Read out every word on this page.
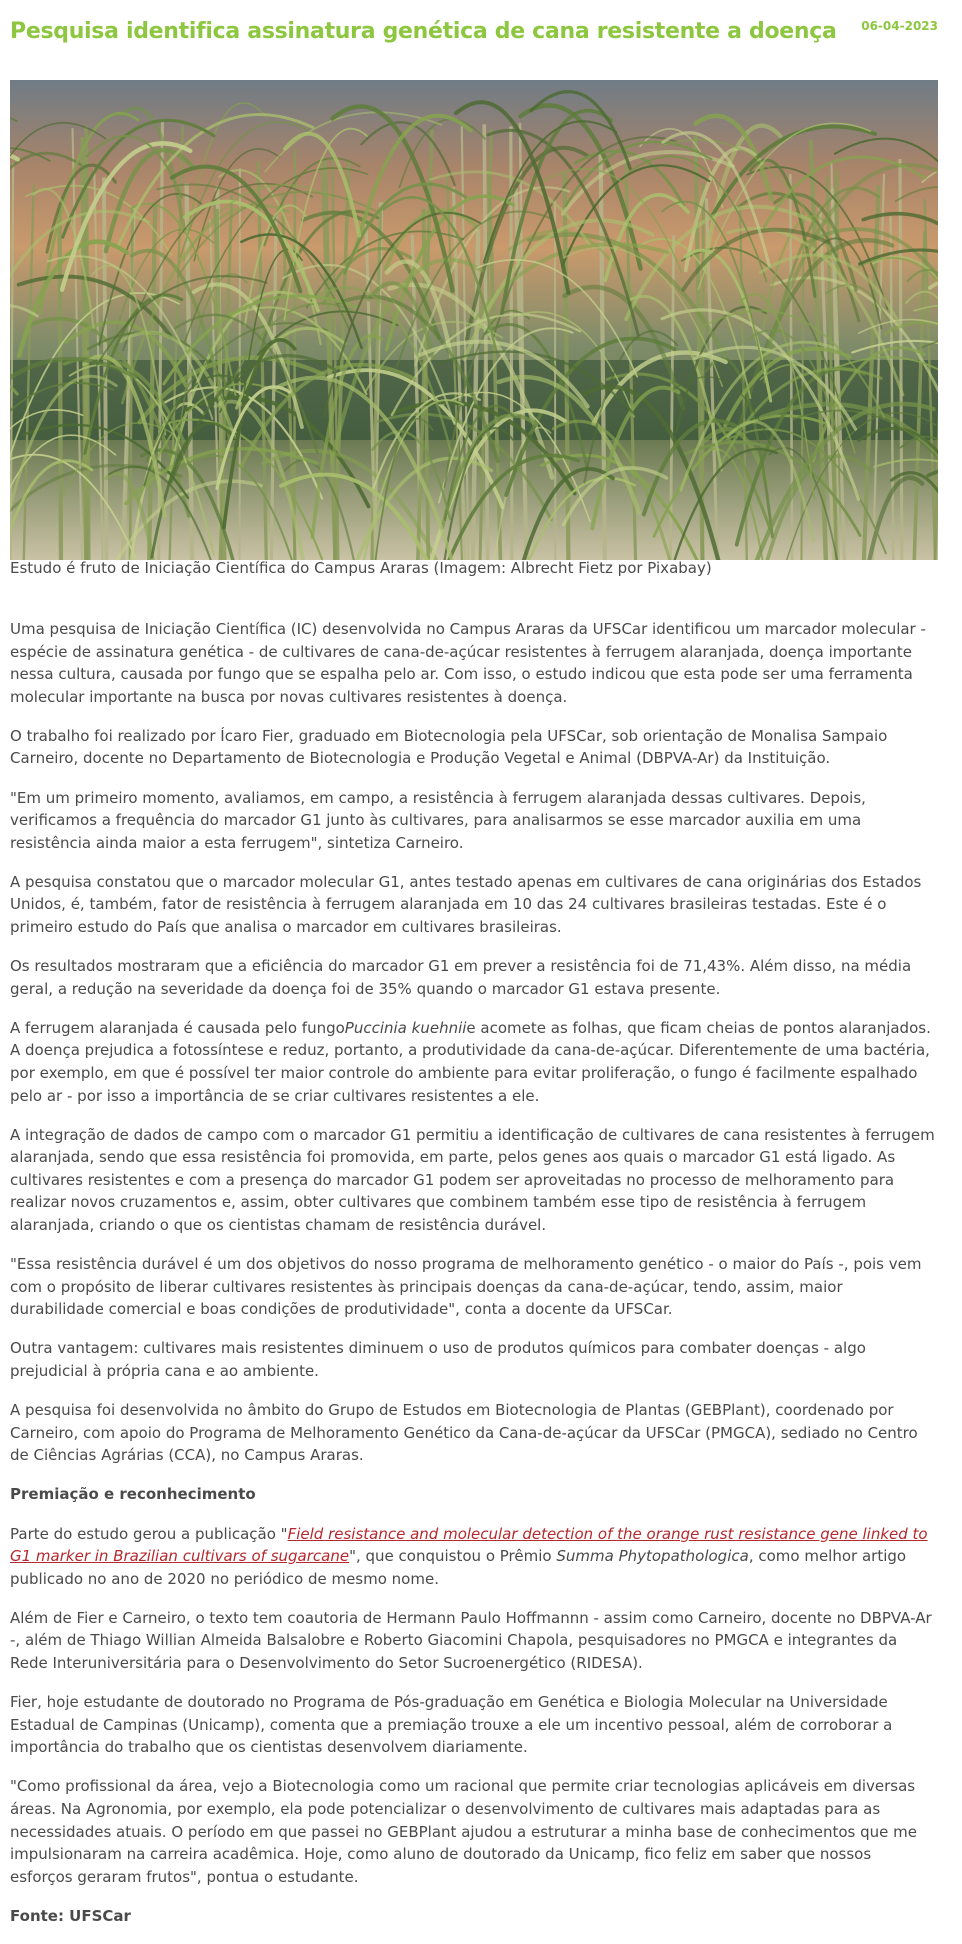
Pesquisa identifica assinatura genética de cana resistente a doença 06-04-2023
Estudo é fruto de Iniciação Científica do Campus Araras (Imagem: Albrecht Fietz por Pixabay)

Uma pesquisa de Iniciação Científica (IC) desenvolvida no Campus Araras da UFSCar identificou um marcador molecular - espécie de assinatura genética - de cultivares de cana-de-açúcar resistentes à ferrugem alaranjada, doença importante nessa cultura, causada por fungo que se espalha pelo ar. Com isso, o estudo indicou que esta pode ser uma ferramenta molecular importante na busca por novas cultivares resistentes à doença.

O trabalho foi realizado por Ícaro Fier, graduado em Biotecnologia pela UFSCar, sob orientação de Monalisa Sampaio Carneiro, docente no Departamento de Biotecnologia e Produção Vegetal e Animal (DBPVA-Ar) da Instituição.

"Em um primeiro momento, avaliamos, em campo, a resistência à ferrugem alaranjada dessas cultivares. Depois, verificamos a frequência do marcador G1 junto às cultivares, para analisarmos se esse marcador auxilia em uma resistência ainda maior a esta ferrugem", sintetiza Carneiro.

A pesquisa constatou que o marcador molecular G1, antes testado apenas em cultivares de cana originárias dos Estados Unidos, é, também, fator de resistência à ferrugem alaranjada em 10 das 24 cultivares brasileiras testadas. Este é o primeiro estudo do País que analisa o marcador em cultivares brasileiras.

Os resultados mostraram que a eficiência do marcador G1 em prever a resistência foi de 71,43%. Além disso, na média geral, a redução na severidade da doença foi de 35% quando o marcador G1 estava presente.

A ferrugem alaranjada é causada pelo fungoPuccinia kuehniie acomete as folhas, que ficam cheias de pontos alaranjados. A doença prejudica a fotossíntese e reduz, portanto, a produtividade da cana-de-açúcar. Diferentemente de uma bactéria, por exemplo, em que é possível ter maior controle do ambiente para evitar proliferação, o fungo é facilmente espalhado pelo ar - por isso a importância de se criar cultivares resistentes a ele.

A integração de dados de campo com o marcador G1 permitiu a identificação de cultivares de cana resistentes à ferrugem alaranjada, sendo que essa resistência foi promovida, em parte, pelos genes aos quais o marcador G1 está ligado. As cultivares resistentes e com a presença do marcador G1 podem ser aproveitadas no processo de melhoramento para realizar novos cruzamentos e, assim, obter cultivares que combinem também esse tipo de resistência à ferrugem alaranjada, criando o que os cientistas chamam de resistência durável.

"Essa resistência durável é um dos objetivos do nosso programa de melhoramento genético - o maior do País -, pois vem com o propósito de liberar cultivares resistentes às principais doenças da cana-de-açúcar, tendo, assim, maior durabilidade comercial e boas condições de produtividade", conta a docente da UFSCar.

Outra vantagem: cultivares mais resistentes diminuem o uso de produtos químicos para combater doenças - algo prejudicial à própria cana e ao ambiente.

A pesquisa foi desenvolvida no âmbito do Grupo de Estudos em Biotecnologia de Plantas (GEBPlant), coordenado por Carneiro, com apoio do Programa de Melhoramento Genético da Cana-de-açúcar da UFSCar (PMGCA), sediado no Centro de Ciências Agrárias (CCA), no Campus Araras.

Premiação e reconhecimento

Parte do estudo gerou a publicação "Field resistance and molecular detection of the orange rust resistance gene linked to G1 marker in Brazilian cultivars of sugarcane", que conquistou o Prêmio Summa Phytopathologica, como melhor artigo publicado no ano de 2020 no periódico de mesmo nome.

Além de Fier e Carneiro, o texto tem coautoria de Hermann Paulo Hoffmannn - assim como Carneiro, docente no DBPVA-Ar -, além de Thiago Willian Almeida Balsalobre e Roberto Giacomini Chapola, pesquisadores no PMGCA e integrantes da Rede Interuniversitária para o Desenvolvimento do Setor Sucroenergético (RIDESA).

Fier, hoje estudante de doutorado no Programa de Pós-graduação em Genética e Biologia Molecular na Universidade Estadual de Campinas (Unicamp), comenta que a premiação trouxe a ele um incentivo pessoal, além de corroborar a importância do trabalho que os cientistas desenvolvem diariamente.

"Como profissional da área, vejo a Biotecnologia como um racional que permite criar tecnologias aplicáveis em diversas áreas. Na Agronomia, por exemplo, ela pode potencializar o desenvolvimento de cultivares mais adaptadas para as necessidades atuais. O período em que passei no GEBPlant ajudou a estruturar a minha base de conhecimentos que me impulsionaram na carreira acadêmica. Hoje, como aluno de doutorado da Unicamp, fico feliz em saber que nossos esforços geraram frutos", pontua o estudante.

Fonte: UFSCar
